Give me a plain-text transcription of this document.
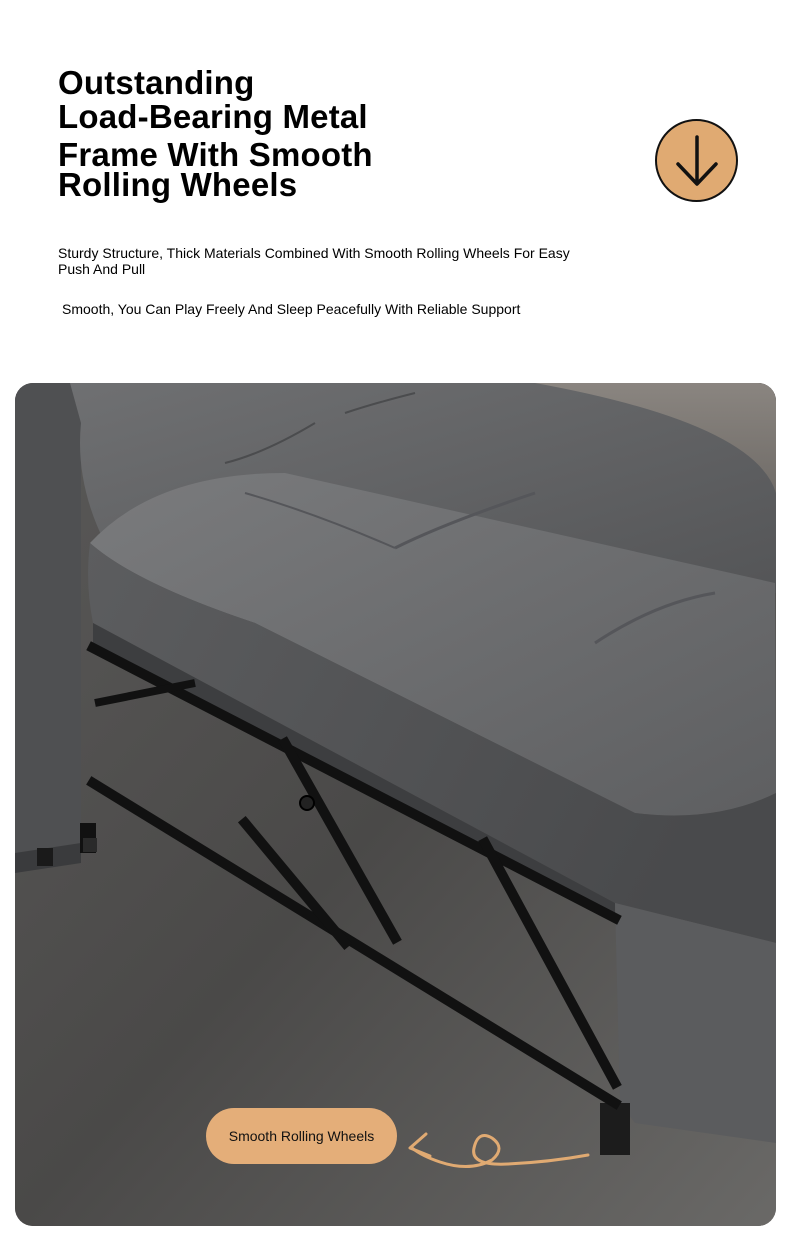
Outstanding
Load-Bearing Metal
Frame With Smooth
Rolling Wheels

Sturdy Structure, Thick Materials Combined With Smooth Rolling Wheels For Easy Push And Pull

Smooth, You Can Play Freely And Sleep Peacefully With Reliable Support

Smooth Rolling Wheels
